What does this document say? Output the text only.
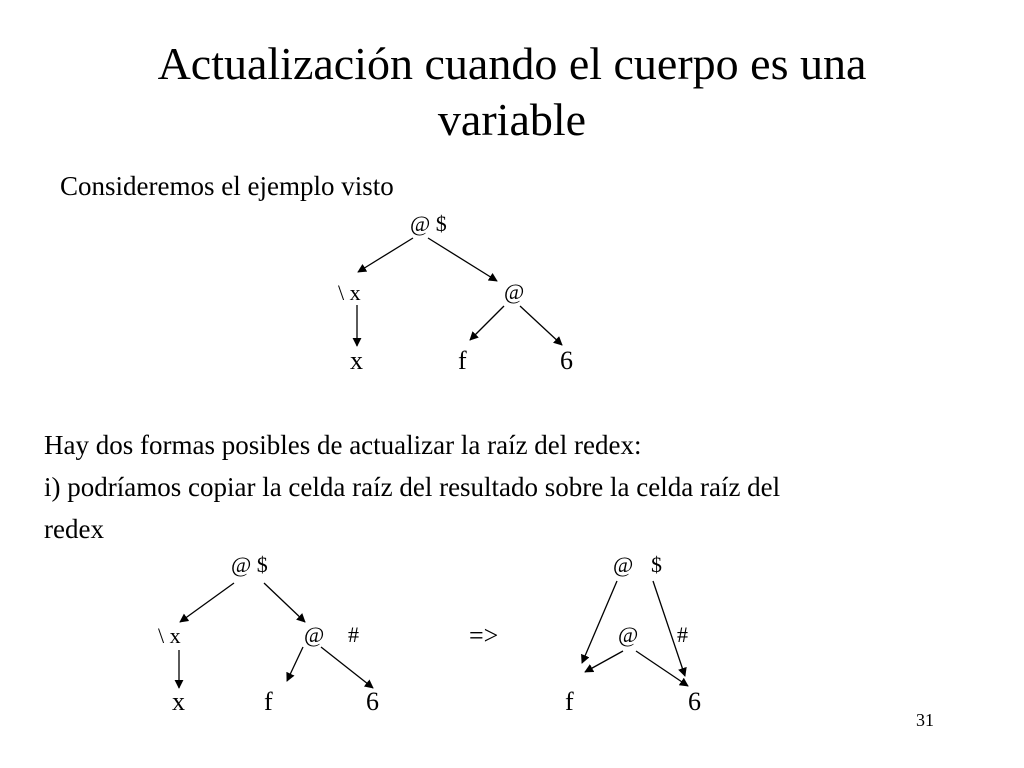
Actualización cuando el cuerpo es una
variable
Consideremos el ejemplo visto
Hay dos formas posibles de actualizar la raíz del redex:
i) podríamos copiar la celda raíz del resultado sobre la celda raíz del
redex
@ $
\ x	@
x	f	6
@ $
\ x	@ #
x	f	6
=>
@ $
@ #
f	6
31
